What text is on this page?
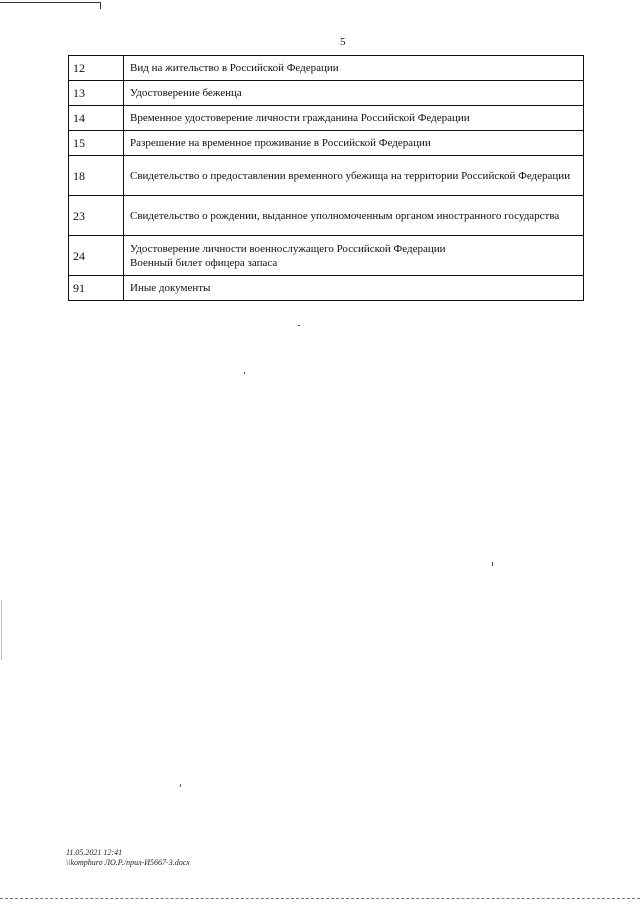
5
12	Вид на жительство в Российской Федерации

13	Удостоверение беженца

14	Временное удостоверение личности гражданина Российской Федерации

15	Разрешение на временное проживание в Российской Федерации

18	Свидетельство о предоставлении временного убежища на территории Российской Федерации

23	Свидетельство о рождении, выданное уполномоченным органом иностранного государства

24	Удостоверение личности военнослужащего Российской Федерации
Военный билет офицера запаса

91	Иные документы
11.05.2021 12:41
\\komphuro ЛО.Р./прил-И5667-3.docx
